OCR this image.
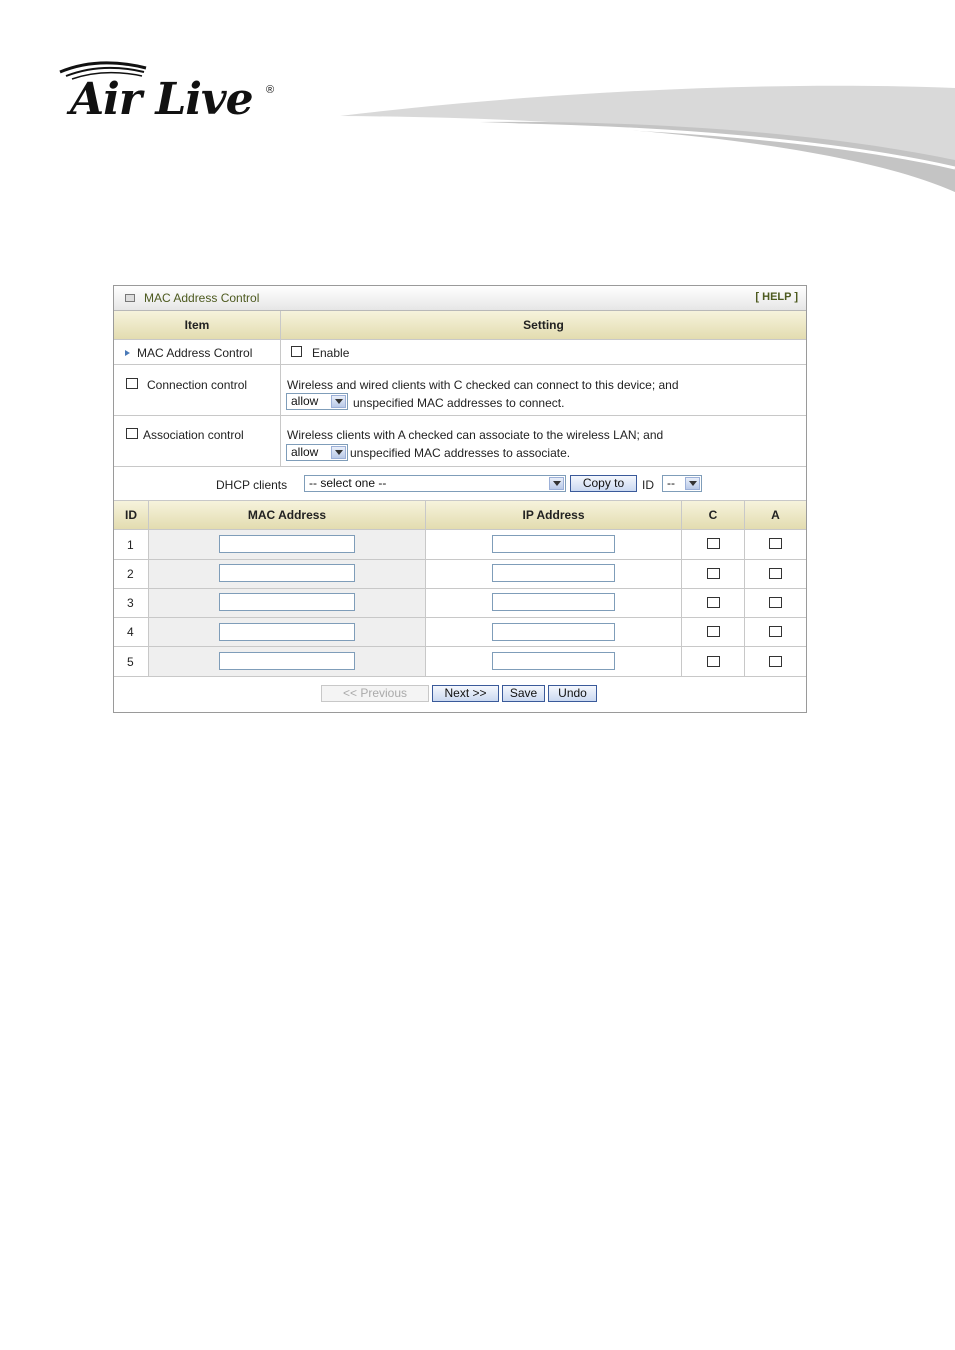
Air Live ®
MAC Address Control	[ HELP ]
Item	Setting
MAC Address Control	Enable
Connection control	Wireless and wired clients with C checked can connect to this device; and
allow	unspecified MAC addresses to connect.
Association control	Wireless clients with A checked can associate to the wireless LAN; and
allow	unspecified MAC addresses to associate.
DHCP clients	-- select one --	Copy to	ID	--
ID	MAC Address	IP Address	C	A
1
2
3
4
5
<< Previous	Next >>	Save	Undo
